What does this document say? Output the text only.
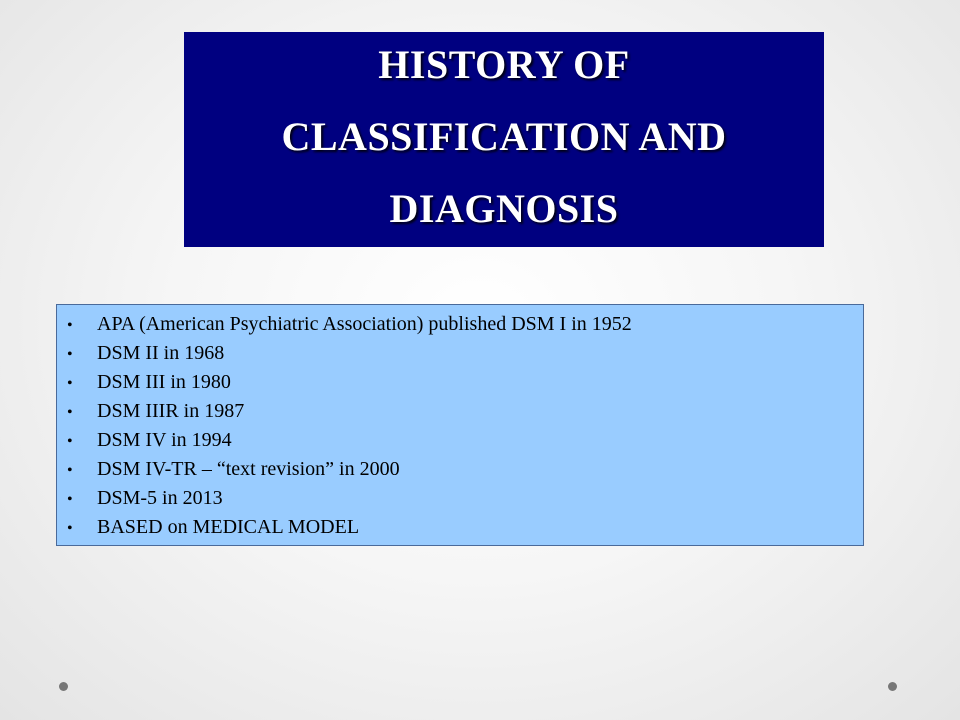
HISTORY OF
CLASSIFICATION AND
DIAGNOSIS
•	APA (American Psychiatric Association) published DSM I in 1952
•	DSM II in 1968
•	DSM III in 1980
•	DSM IIIR in 1987
•	DSM IV in 1994
•	DSM IV-TR – “text revision” in 2000
•	DSM-5 in 2013
•	BASED on MEDICAL MODEL
